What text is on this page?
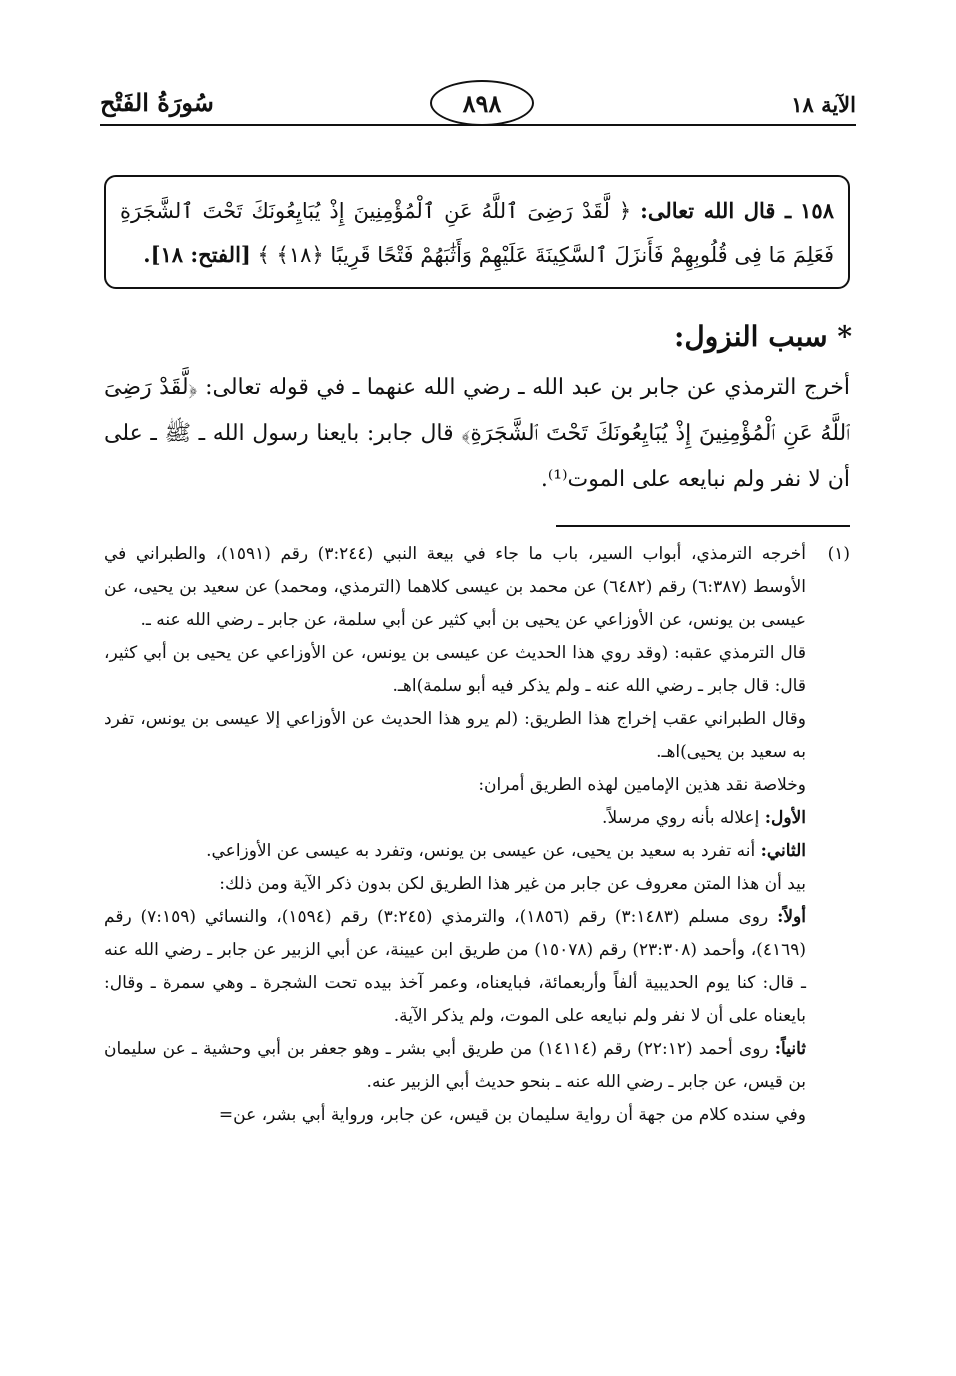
سُورَةُ الفَتْح	٨٩٨	الآية ١٨
١٥٨ ـ قال الله تعالى: ﴿ لَّقَدْ رَضِىَ ٱللَّهُ عَنِ ٱلْمُؤْمِنِينَ إِذْ يُبَايِعُونَكَ تَحْتَ ٱلشَّجَرَةِ فَعَلِمَ مَا فِى قُلُوبِهِمْ فَأَنزَلَ ٱلسَّكِينَةَ عَلَيْهِمْ وَأَثَٰبَهُمْ فَتْحًا قَرِيبًا ﴿١٨﴾ ﴾ [الفتح: ١٨].
* سبب النزول:
أخرج الترمذي عن جابر بن عبد الله ـ رضي الله عنهما ـ في قوله تعالى: ﴿لَّقَدْ رَضِىَ ٱللَّهُ عَنِ ٱلْمُؤْمِنِينَ إِذْ يُبَايِعُونَكَ تَحْتَ ٱلشَّجَرَةِ﴾ قال جابر: بايعنا رسول الله ـ ﷺ ـ على أن لا نفر ولم نبايعه على الموت⁽¹⁾.
(١)

أخرجه الترمذي، أبواب السير، باب ما جاء في بيعة النبي (٣:٢٤٤) رقم (١٥٩١)، والطبراني في الأوسط (٦:٣٨٧) رقم (٦٤٨٢) عن محمد بن عيسى كلاهما (الترمذي، ومحمد) عن سعيد بن يحيى، عن عيسى بن يونس، عن الأوزاعي عن يحيى بن أبي كثير عن أبي سلمة، عن جابر ـ رضي الله عنه ـ.

قال الترمذي عقبه: (وقد روي هذا الحديث عن عيسى بن يونس، عن الأوزاعي عن يحيى بن أبي كثير، قال: قال جابر ـ رضي الله عنه ـ ولم يذكر فيه أبو سلمة)اهـ.

وقال الطبراني عقب إخراج هذا الطريق: (لم يرو هذا الحديث عن الأوزاعي إلا عيسى بن يونس، تفرد به سعيد بن يحيى)اهـ.

وخلاصة نقد هذين الإمامين لهذه الطريق أمران:

الأول: إعلاله بأنه روي مرسلاً.

الثاني: أنه تفرد به سعيد بن يحيى، عن عيسى بن يونس، وتفرد به عيسى عن الأوزاعي.

بيد أن هذا المتن معروف عن جابر من غير هذا الطريق لكن بدون ذكر الآية ومن ذلك:

أولاً: روى مسلم (٣:١٤٨٣) رقم (١٨٥٦)، والترمذي (٣:٢٤٥) رقم (١٥٩٤)، والنسائي (٧:١٥٩) رقم (٤١٦٩)، وأحمد (٢٣:٣٠٨) رقم (١٥٠٧٨) من طريق ابن عيينة، عن أبي الزبير عن جابر ـ رضي الله عنه ـ قال: كنا يوم الحديبية ألفاً وأربعمائة، فبايعناه، وعمر آخذ بيده تحت الشجرة ـ وهي سمرة ـ وقال: بايعناه على أن لا نفر ولم نبايعه على الموت، ولم يذكر الآية.

ثانياً: روى أحمد (٢٢:١٢) رقم (١٤١١٤) من طريق أبي بشر ـ وهو جعفر بن أبي وحشية ـ عن سليمان بن قيس، عن جابر ـ رضي الله عنه ـ بنحو حديث أبي الزبير عنه.

وفي سنده كلام من جهة أن رواية سليمان بن قيس، عن جابر، ورواية أبي بشر، عن=
